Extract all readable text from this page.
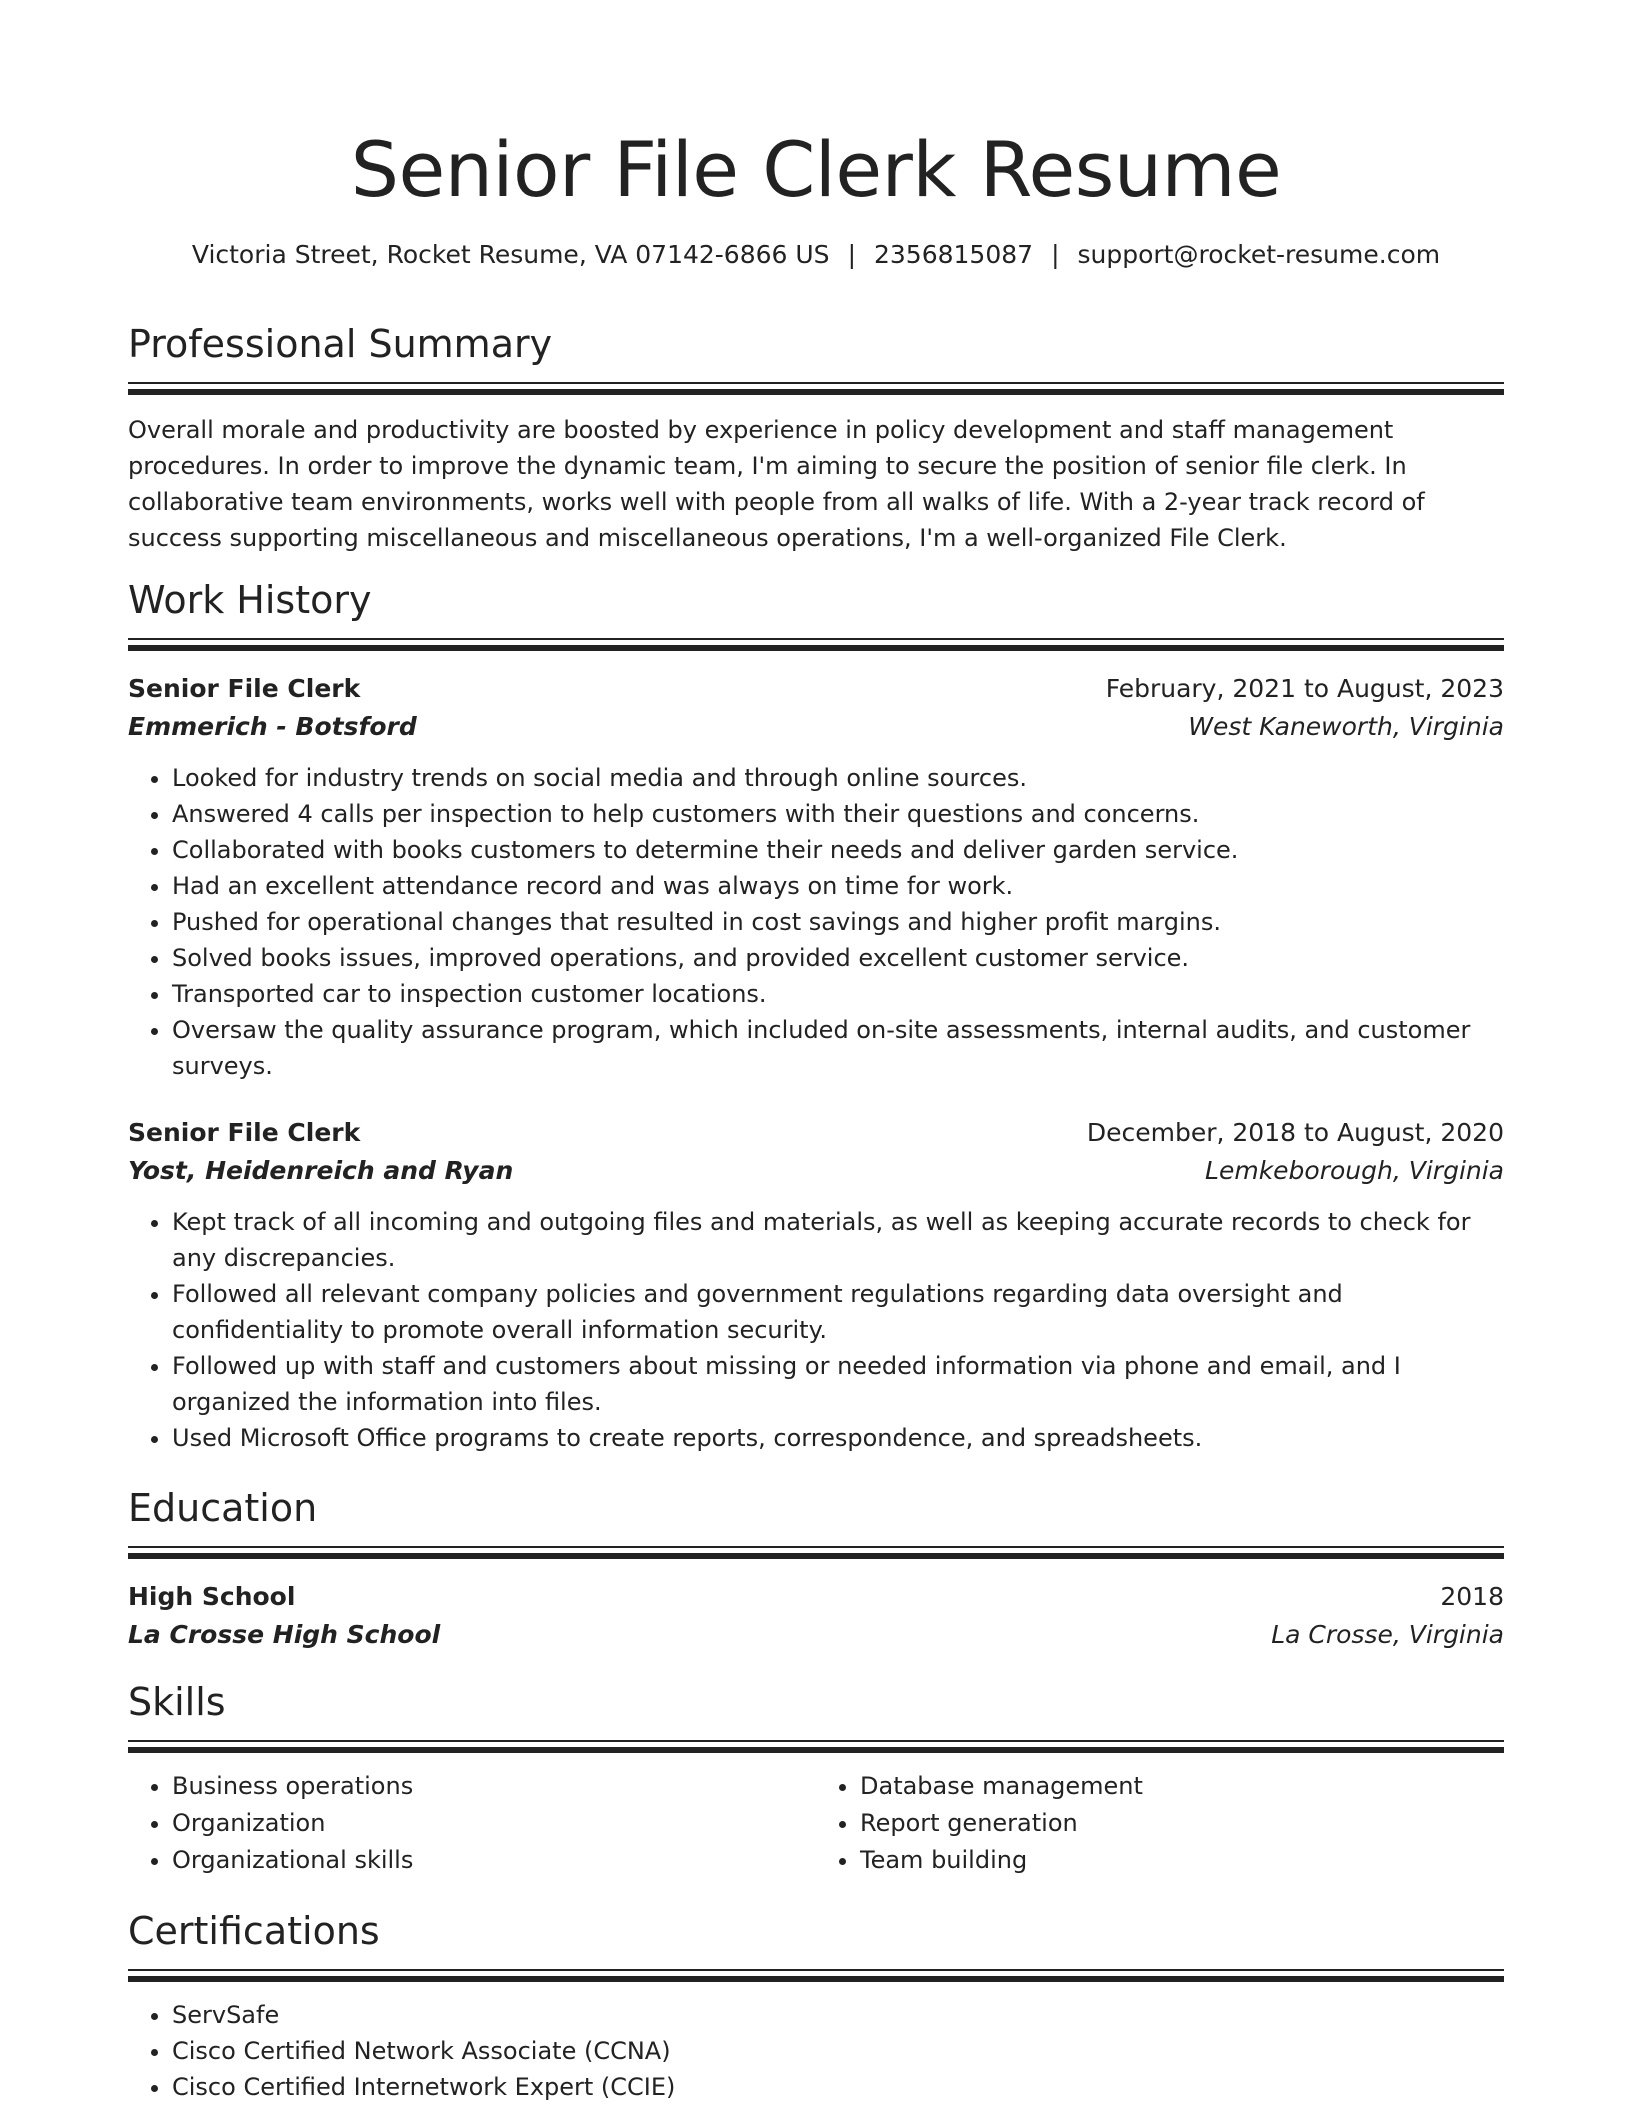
Senior File Clerk Resume
Victoria Street, Rocket Resume, VA 07142-6866 US | 2356815087 | support@rocket-resume.com
Professional Summary

Overall morale and productivity are boosted by experience in policy development and staff management procedures. In order to improve the dynamic team, I'm aiming to secure the position of senior file clerk. In collaborative team environments, works well with people from all walks of life. With a 2-year track record of success supporting miscellaneous and miscellaneous operations, I'm a well-organized File Clerk.

Work History
Senior File Clerk	February, 2021 to August, 2023
Emmerich - Botsford	West Kaneworth, Virginia
• Looked for industry trends on social media and through online sources.
• Answered 4 calls per inspection to help customers with their questions and concerns.
• Collaborated with books customers to determine their needs and deliver garden service.
• Had an excellent attendance record and was always on time for work.
• Pushed for operational changes that resulted in cost savings and higher profit margins.
• Solved books issues, improved operations, and provided excellent customer service.
• Transported car to inspection customer locations.
• Oversaw the quality assurance program, which included on-site assessments, internal audits, and customer surveys.
Senior File Clerk	December, 2018 to August, 2020
Yost, Heidenreich and Ryan	Lemkeborough, Virginia
• Kept track of all incoming and outgoing files and materials, as well as keeping accurate records to check for any discrepancies.
• Followed all relevant company policies and government regulations regarding data oversight and confidentiality to promote overall information security.
• Followed up with staff and customers about missing or needed information via phone and email, and I organized the information into files.
• Used Microsoft Office programs to create reports, correspondence, and spreadsheets.
Education
High School	2018
La Crosse High School	La Crosse, Virginia
Skills
• Business operations
• Organization
• Organizational skills
• Database management
• Report generation
• Team building
Certifications
• ServSafe
• Cisco Certified Network Associate (CCNA)
• Cisco Certified Internetwork Expert (CCIE)
